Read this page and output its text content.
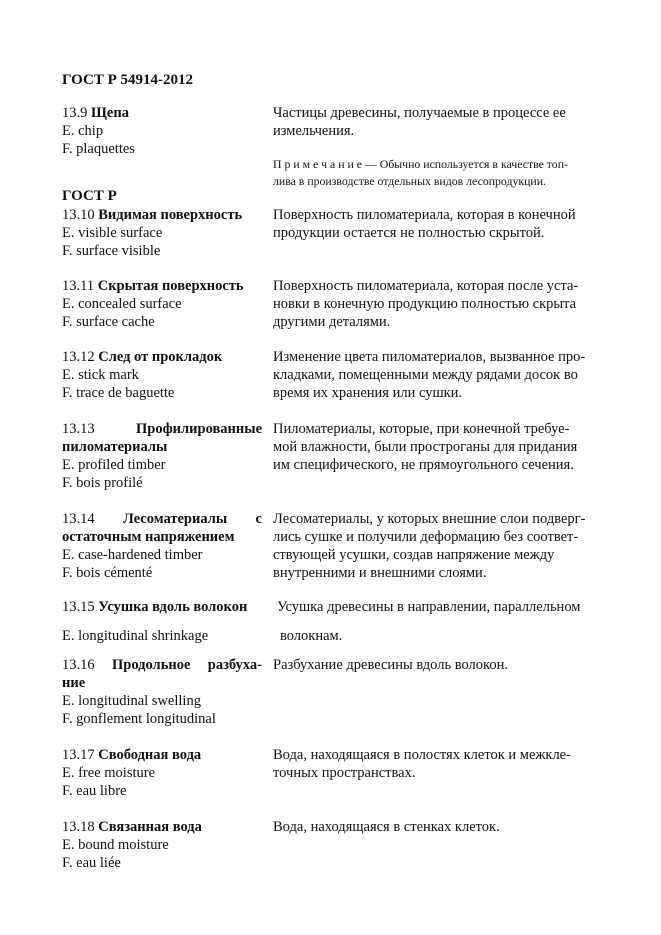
ГОСТ Р 54914-2012
13.9 Щепа
E. chip
F. plaquettes
Частицы древесины, получаемые в процессе ее
измельчения.
П р и м е ч а н и е — Обычно используется в качестве топ-
лива в производстве отдельных видов лесопродукции.
ГОСТ Р
13.10 Видимая поверхность
E. visible surface
F. surface visible
Поверхность пиломатериала, которая в конечной
продукции остается не полностью скрытой.
13.11 Скрытая поверхность
E. concealed surface
F. surface cache
Поверхность пиломатериала, которая после уста-
новки в конечную продукцию полностью скрыта
другими деталями.
13.12 След от прокладок
E. stick mark
F. trace de baguette
Изменение цвета пиломатериалов, вызванное про-
кладками, помещенными между рядами досок во
время их хранения или сушки.
13.13	Профилированные
пиломатериалы
E. profiled timber
F. bois profilé
Пиломатериалы, которые, при конечной требуе-
мой влажности, были простроганы для придания
им специфического, не прямоугольного сечения.
13.14 Лесоматериалы с
остаточным напряжением
E. case-hardened timber
F. bois cémenté
Лесоматериалы, у которых внешние слои подверг-
лись сушке и получили деформацию без соответ-
ствующей усушки, создав напряжение между
внутренними и внешними слоями.
13.15 Усушка вдоль волокон
E. longitudinal shrinkage
Усушка древесины в направлении, параллельном
волокнам.
13.16 Продольное разбуха-
ние
E. longitudinal swelling
F. gonflement longitudinal
Разбухание древесины вдоль волокон.
13.17 Свободная вода
E. free moisture
F. eau libre
Вода, находящаяся в полостях клеток и межкле-
точных пространствах.
13.18 Связанная вода
E. bound moisture
F. eau liée
Вода, находящаяся в стенках клеток.
